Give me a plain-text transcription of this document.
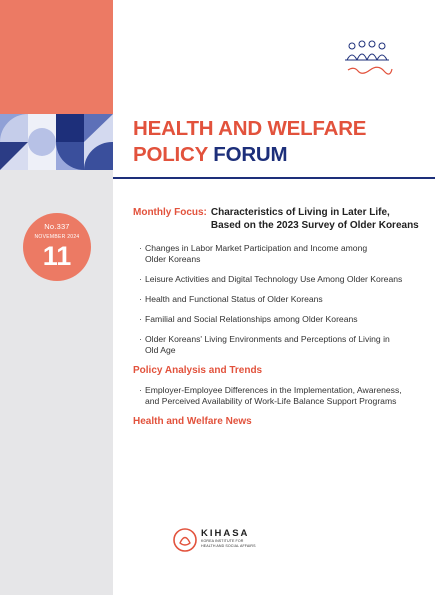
No.337
NOVEMBER 2024
11
HEALTH AND WELFARE
POLICY FORUM
Monthly Focus: Characteristics of Living in Later Life,
Based on the 2023 Survey of Older Koreans
· Changes in Labor Market Participation and Income among
Older Koreans
· Leisure Activities and Digital Technology Use Among Older Koreans
· Health and Functional Status of Older Koreans
· Familial and Social Relationships among Older Koreans
· Older Koreans' Living Environments and Perceptions of Living in
Old Age
Policy Analysis and Trends
· Employer-Employee Differences in the Implementation, Awareness,
and Perceived Availability of Work-Life Balance Support Programs
Health and Welfare News
KIHASA
KOREA INSTITUTE FOR
HEALTH AND SOCIAL AFFAIRS
